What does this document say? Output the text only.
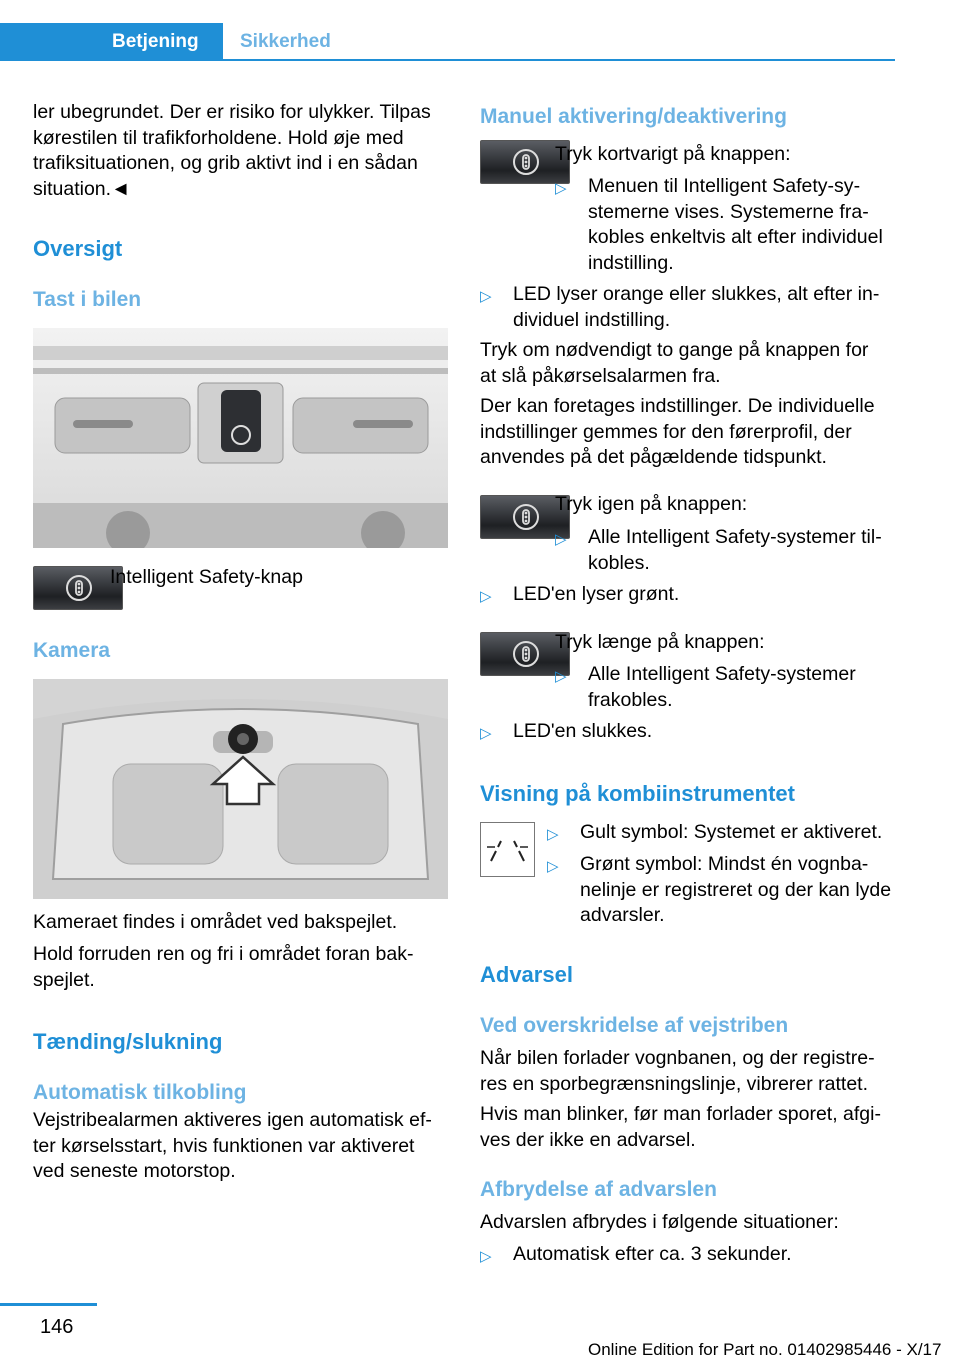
Betjening Sikkerhed

ler ubegrundet. Der er risiko for ulykker. Tilpas kørestilen til trafikforholdene. Hold øje med trafiksituationen, og grib aktivt ind i en sådan situation.◄

Oversigt
Tast i bilen
Intelligent Safety-knap
Kamera

Kameraet findes i området ved bakspejlet.

Hold forruden ren og fri i området foran bakspejlet.

Tænding/slukning
Automatisk tilkobling

Vejstribealarmen aktiveres igen automatisk efter kørselsstart, hvis funktionen var aktiveret ved seneste motorstop.

Manuel aktivering/deaktivering
Tryk kortvarigt på knappen:
▷ Menuen til Intelligent Safety-systemerne vises. Systemerne frakobles enkeltvis alt efter individuel indstilling.

▷ LED lyser orange eller slukkes, alt efter individuel indstilling.

Tryk om nødvendigt to gange på knappen for at slå påkørselsalarmen fra.

Der kan foretages indstillinger. De individuelle indstillinger gemmes for den førerprofil, der anvendes på det pågældende tidspunkt.

Tryk igen på knappen:
▷ Alle Intelligent Safety-systemer tilkobles.

▷ LED'en lyser grønt.

Tryk længe på knappen:
▷ Alle Intelligent Safety-systemer frakobles.

▷ LED'en slukkes.

Visning på kombiinstrumentet
▷ Gult symbol: Systemet er aktiveret.

▷ Grønt symbol: Mindst én vognbanelinje er registreret og der kan lyde advarsler.

Advarsel
Ved overskridelse af vejstriben

Når bilen forlader vognbanen, og der registreres en sporbegrænsningslinje, vibrerer rattet.

Hvis man blinker, før man forlader sporet, afgives der ikke en advarsel.

Afbrydelse af advarslen

Advarslen afbrydes i følgende situationer:

▷ Automatisk efter ca. 3 sekunder.

146
Online Edition for Part no. 01402985446 - X/17
